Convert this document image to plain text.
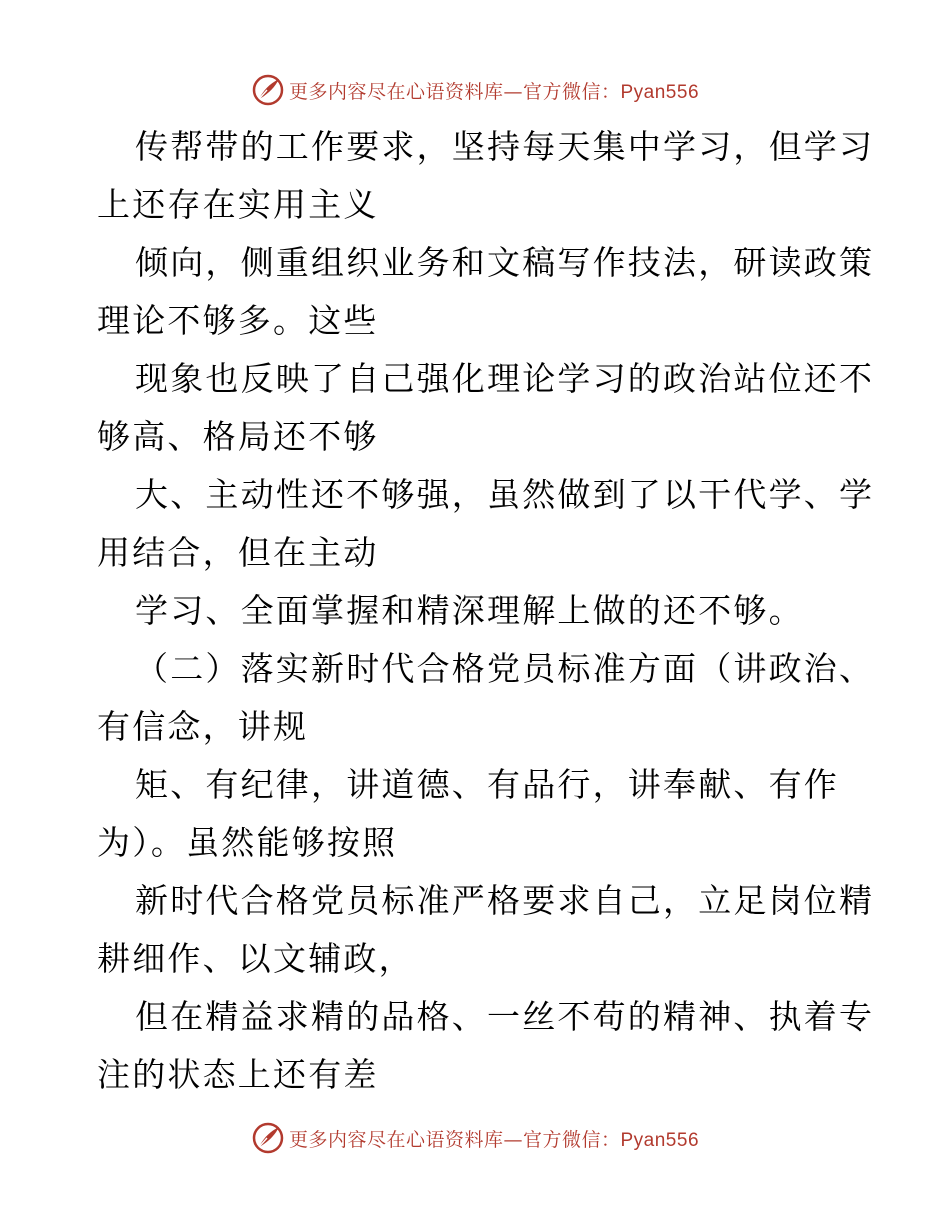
更多内容尽在心语资料库—官方微信：Pyan556
传帮带的工作要求，坚持每天集中学习，但学习
上还存在实用主义
倾向，侧重组织业务和文稿写作技法，研读政策
理论不够多。这些
现象也反映了自己强化理论学习的政治站位还不
够高、格局还不够
大、主动性还不够强，虽然做到了以干代学、学
用结合，但在主动
学习、全面掌握和精深理解上做的还不够。
（二）落实新时代合格党员标准方面（讲政治、
有信念，讲规
矩、有纪律，讲道德、有品行，讲奉献、有作
为）。虽然能够按照
新时代合格党员标准严格要求自己，立足岗位精
耕细作、以文辅政，
但在精益求精的品格、一丝不苟的精神、执着专
注的状态上还有差
更多内容尽在心语资料库—官方微信：Pyan556
